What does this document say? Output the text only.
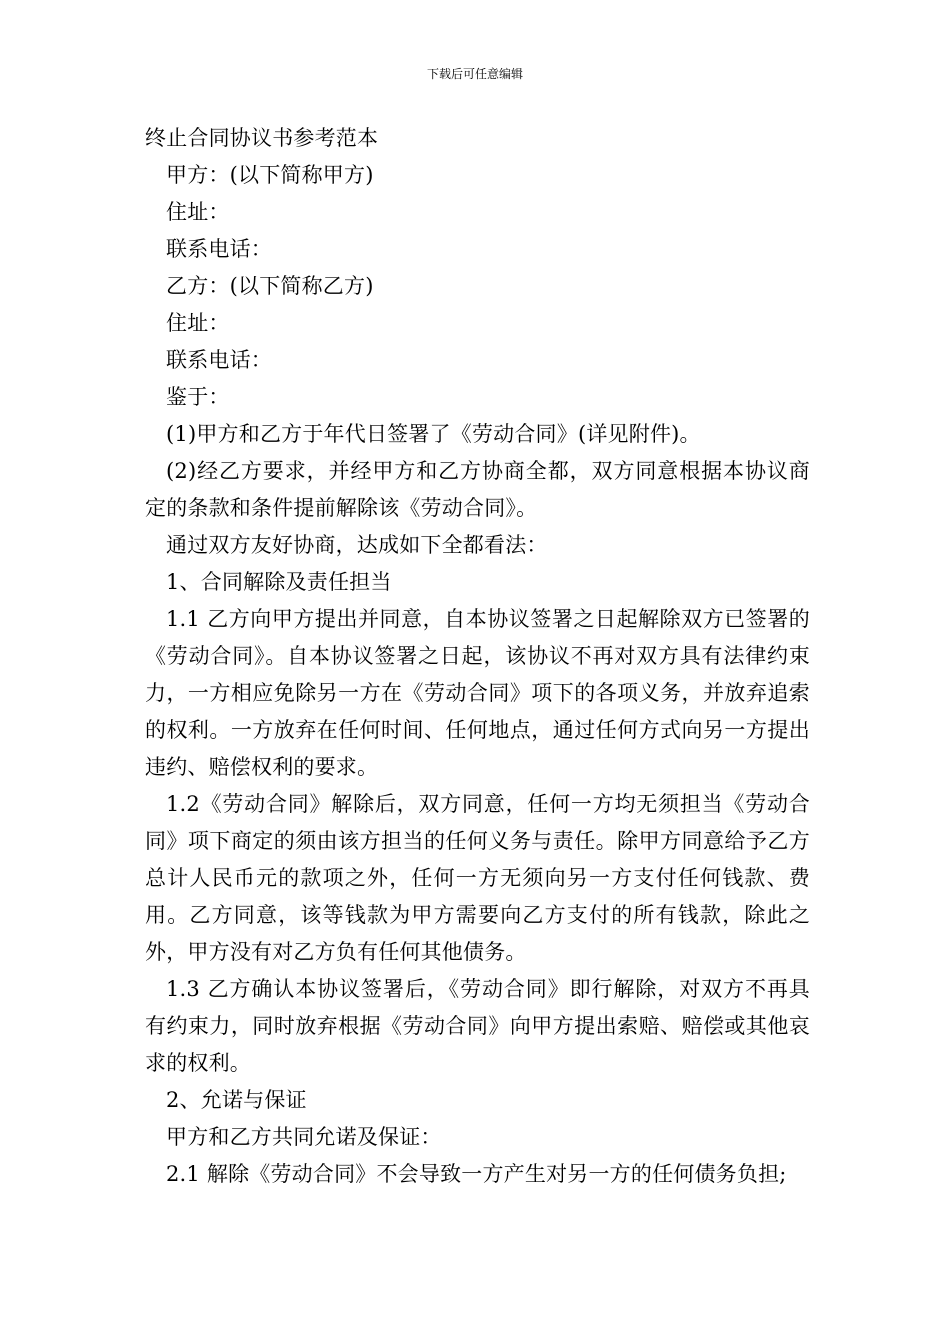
下载后可任意编辑

终止合同协议书参考范本

甲方：(以下简称甲方)

住址：

联系电话：

乙方：(以下简称乙方)

住址：

联系电话：

鉴于：

(1)甲方和乙方于年代日签署了《劳动合同》(详见附件)。

(2)经乙方要求，并经甲方和乙方协商全都，双方同意根据本协议商定的条款和条件提前解除该《劳动合同》。

通过双方友好协商，达成如下全都看法：

1、合同解除及责任担当

1.1 乙方向甲方提出并同意，自本协议签署之日起解除双方已签署的《劳动合同》。自本协议签署之日起，该协议不再对双方具有法律约束力，一方相应免除另一方在《劳动合同》项下的各项义务，并放弃追索的权利。一方放弃在任何时间、任何地点，通过任何方式向另一方提出违约、赔偿权利的要求。

1.2《劳动合同》解除后，双方同意，任何一方均无须担当《劳动合同》项下商定的须由该方担当的任何义务与责任。除甲方同意给予乙方总计人民币元的款项之外，任何一方无须向另一方支付任何钱款、费用。乙方同意，该等钱款为甲方需要向乙方支付的所有钱款，除此之外，甲方没有对乙方负有任何其他债务。

1.3 乙方确认本协议签署后，《劳动合同》即行解除，对双方不再具有约束力，同时放弃根据《劳动合同》向甲方提出索赔、赔偿或其他哀求的权利。

2、允诺与保证

甲方和乙方共同允诺及保证：

2.1 解除《劳动合同》不会导致一方产生对另一方的任何债务负担;
